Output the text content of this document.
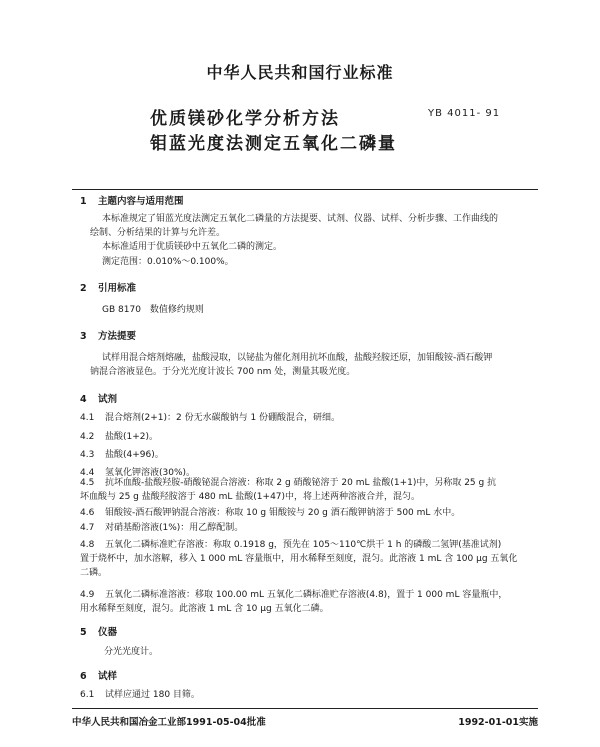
中华人民共和国行业标准
优质镁砂化学分析方法
钼蓝光度法测定五氧化二磷量
YB 4011- 91
1 主题内容与适用范围
本标准规定了钼蓝光度法测定五氧化二磷量的方法提要、试剂、仪器、试样、分析步骤、工作曲线的
绘制、分析结果的计算与允许差。
本标准适用于优质镁砂中五氧化二磷的测定。
测定范围：0.010%～0.100%。
2 引用标准
GB 8170　数值修约规则
3 方法提要
试样用混合熔剂熔融，盐酸浸取，以铋盐为催化剂用抗坏血酸，盐酸羟胺还原，加钼酸铵-酒石酸钾
钠混合溶液显色。于分光光度计波长 700 nm 处，测量其吸光度。
4 试剂
4.1 混合熔剂(2+1)：2 份无水碳酸钠与 1 份硼酸混合，研细。
4.2 盐酸(1+2)。
4.3 盐酸(4+96)。
4.4 氢氧化钾溶液(30%)。
4.5 抗坏血酸-盐酸羟胺-硝酸铋混合溶液：称取 2 g 硝酸铋溶于 20 mL 盐酸(1+1)中，另称取 25 g 抗
坏血酸与 25 g 盐酸羟胺溶于 480 mL 盐酸(1+47)中，将上述两种溶液合并，混匀。
4.6 钼酸铵-酒石酸钾钠混合溶液：称取 10 g 钼酸铵与 20 g 酒石酸钾钠溶于 500 mL 水中。
4.7 对硝基酚溶液(1%)：用乙醇配制。
4.8 五氧化二磷标准贮存溶液：称取 0.1918 g，预先在 105～110℃烘干 1 h 的磷酸二氢钾(基准试剂)
置于烧杯中，加水溶解，移入 1 000 mL 容量瓶中，用水稀释至刻度，混匀。此溶液 1 mL 含 100 μg 五氧化
二磷。
4.9 五氧化二磷标准溶液：移取 100.00 mL 五氧化二磷标准贮存溶液(4.8)，置于 1 000 mL 容量瓶中，
用水稀释至刻度，混匀。此溶液 1 mL 含 10 μg 五氧化二磷。
5 仪器
分光光度计。
6 试样
6.1 试样应通过 180 目筛。
中华人民共和国冶金工业部1991-05-04批准	1992-01-01实施
